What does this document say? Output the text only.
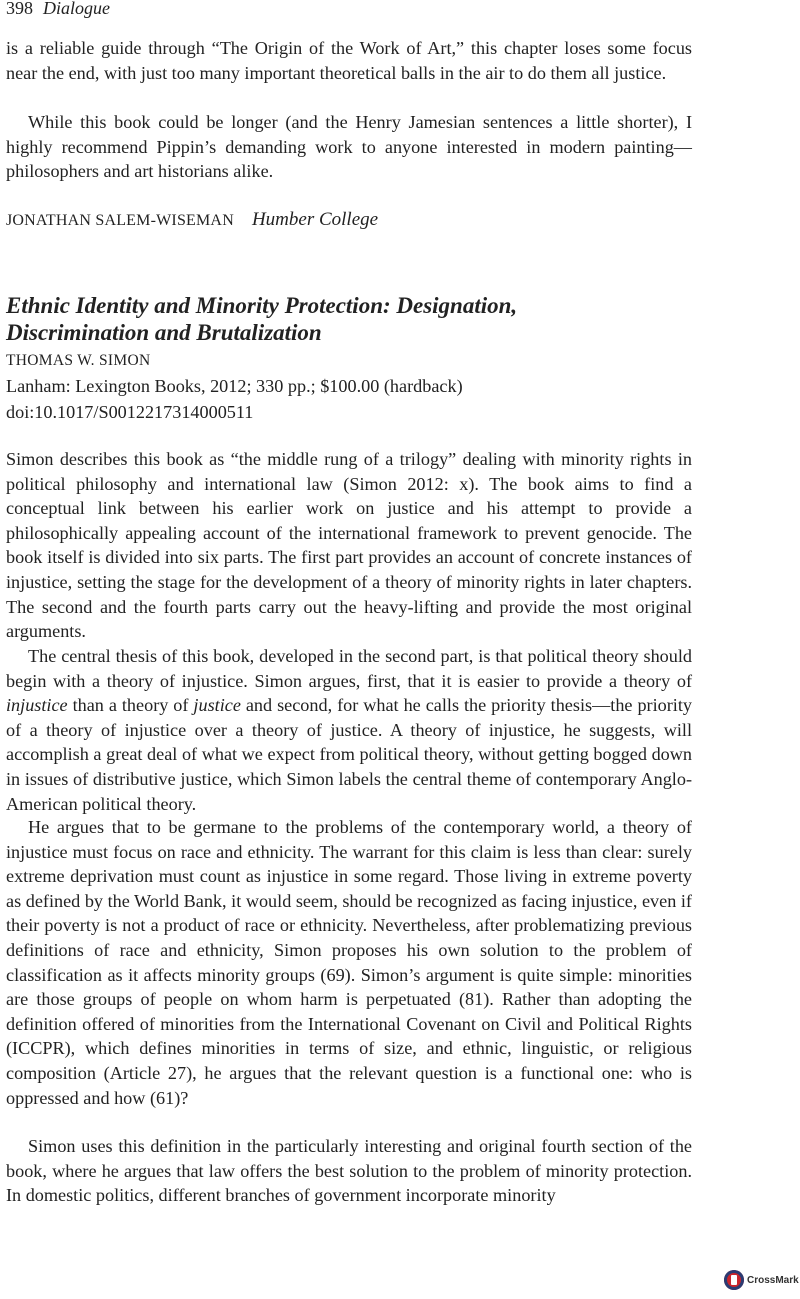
398 Dialogue

is a reliable guide through “The Origin of the Work of Art,” this chapter loses some focus near the end, with just too many important theoretical balls in the air to do them all justice.

While this book could be longer (and the Henry Jamesian sentences a little shorter), I highly recommend Pippin’s demanding work to anyone interested in modern painting—philosophers and art historians alike.

JONATHAN SALEM-WISEMAN Humber College
Ethnic Identity and Minority Protection: Designation,
Discrimination and Brutalization
THOMAS W. SIMON
Lanham: Lexington Books, 2012; 330 pp.; $100.00 (hardback)
doi:10.1017/S0012217314000511

Simon describes this book as “the middle rung of a trilogy” dealing with minority rights in political philosophy and international law (Simon 2012: x). The book aims to find a conceptual link between his earlier work on justice and his attempt to provide a philosophically appealing account of the international framework to prevent genocide. The book itself is divided into six parts. The first part provides an account of concrete instances of injustice, setting the stage for the development of a theory of minority rights in later chapters. The second and the fourth parts carry out the heavy-lifting and provide the most original arguments.

The central thesis of this book, developed in the second part, is that political theory should begin with a theory of injustice. Simon argues, first, that it is easier to provide a theory of injustice than a theory of justice and second, for what he calls the priority thesis—the priority of a theory of injustice over a theory of justice. A theory of injustice, he suggests, will accomplish a great deal of what we expect from political theory, without getting bogged down in issues of distributive justice, which Simon labels the central theme of contemporary Anglo-American political theory.

He argues that to be germane to the problems of the contemporary world, a theory of injustice must focus on race and ethnicity. The warrant for this claim is less than clear: surely extreme deprivation must count as injustice in some regard. Those living in extreme poverty as defined by the World Bank, it would seem, should be recognized as facing injustice, even if their poverty is not a product of race or ethnicity. Nevertheless, after problematizing previous definitions of race and ethnicity, Simon proposes his own solution to the problem of classification as it affects minority groups (69). Simon’s argument is quite simple: minorities are those groups of people on whom harm is perpetuated (81). Rather than adopting the definition offered of minorities from the International Covenant on Civil and Political Rights (ICCPR), which defines minorities in terms of size, and ethnic, linguistic, or religious composition (Article 27), he argues that the relevant question is a functional one: who is oppressed and how (61)?

Simon uses this definition in the particularly interesting and original fourth section of the book, where he argues that law offers the best solution to the problem of minority protection. In domestic politics, different branches of government incorporate minority

CrossMark
